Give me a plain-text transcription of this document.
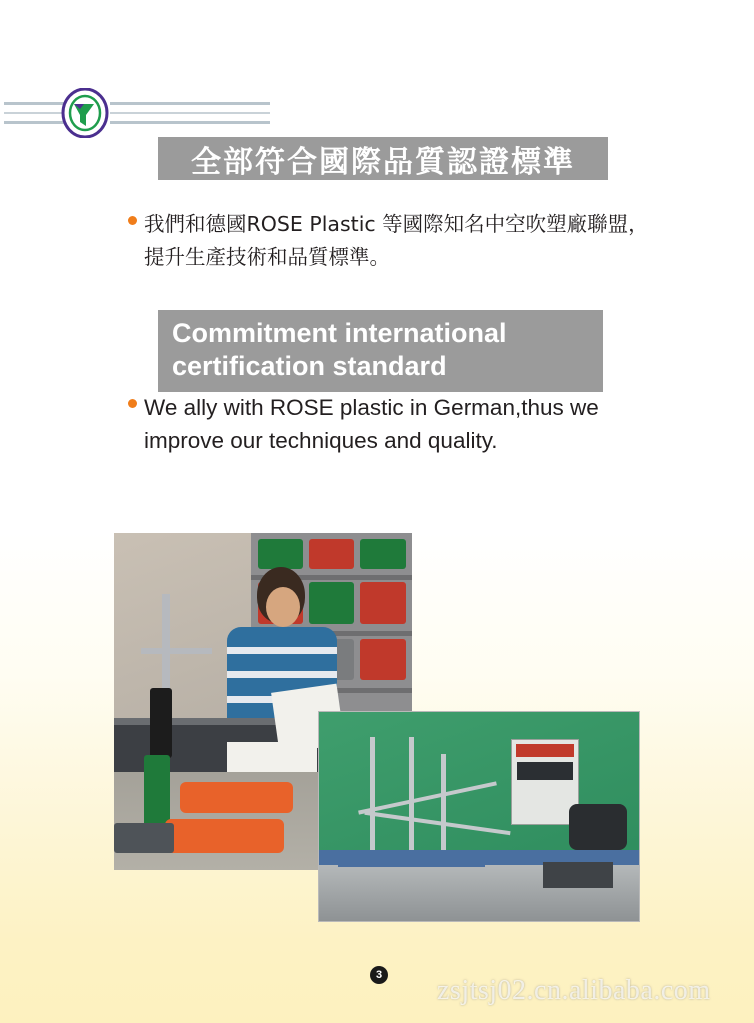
全部符合國際品質認證標準
我們和德國ROSE Plastic 等國際知名中空吹塑廠聯盟，提升生產技術和品質標準。
Commitment international certification standard
We ally with ROSE plastic in German,thus we improve our techniques and quality.
3 zsjtsj02.cn.alibaba.com
